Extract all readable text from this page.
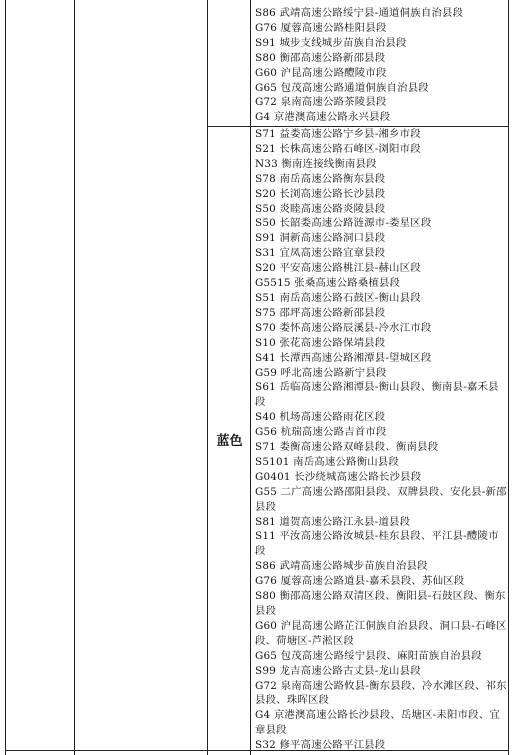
S86 武靖高速公路绥宁县-通道侗族自治县段
G76 厦蓉高速公路桂阳县段
S91 城步支线城步苗族自治县段
S80 衡邵高速公路新邵县段
G60 沪昆高速公路醴陵市段
G65 包茂高速公路通道侗族自治县段
G72 泉南高速公路茶陵县段
G4 京港澳高速公路永兴县段
蓝色
S71 益娄高速公路宁乡县-湘乡市段
S21 长株高速公路石峰区-浏阳市段
N33 衡南连接线衡南县段
S78 南岳高速公路衡东县段
S20 长浏高速公路长沙县段
S50 炎睦高速公路炎陵县段
S50 长韶娄高速公路涟源市-娄星区段
S91 洞新高速公路洞口县段
S31 宜凤高速公路宜章县段
S20 平安高速公路桃江县-赫山区段
G5515 张桑高速公路桑植县段
S51 南岳高速公路石鼓区-衡山县段
S75 邵坪高速公路新邵县段
S70 娄怀高速公路辰溪县-冷水江市段
S10 张花高速公路保靖县段
S41 长潭西高速公路湘潭县-望城区段
G59 呼北高速公路新宁县段
S61 岳临高速公路湘潭县-衡山县段、衡南县-嘉禾县段
S40 机场高速公路雨花区段
G56 杭瑞高速公路吉首市段
S71 娄衡高速公路双峰县段、衡南县段
S5101 南岳高速公路衡山县段
G0401 长沙绕城高速公路长沙县段
G55 二广高速公路邵阳县段、双牌县段、安化县-新邵县段
S81 道贺高速公路江永县-道县段
S11 平汝高速公路汝城县-桂东县段、平江县-醴陵市段
S86 武靖高速公路城步苗族自治县段
G76 厦蓉高速公路道县-嘉禾县段、苏仙区段
S80 衡邵高速公路双清区段、衡阳县-石鼓区段、衡东县段
G60 沪昆高速公路芷江侗族自治县段、洞口县-石峰区段、荷塘区-芦淞区段
G65 包茂高速公路绥宁县段、麻阳苗族自治县段
S99 龙吉高速公路古丈县-龙山县段
G72 泉南高速公路攸县-衡东县段、冷水滩区段、祁东县段、珠晖区段
G4 京港澳高速公路长沙县段、岳塘区-耒阳市段、宜章县段
S32 修平高速公路平江县段
